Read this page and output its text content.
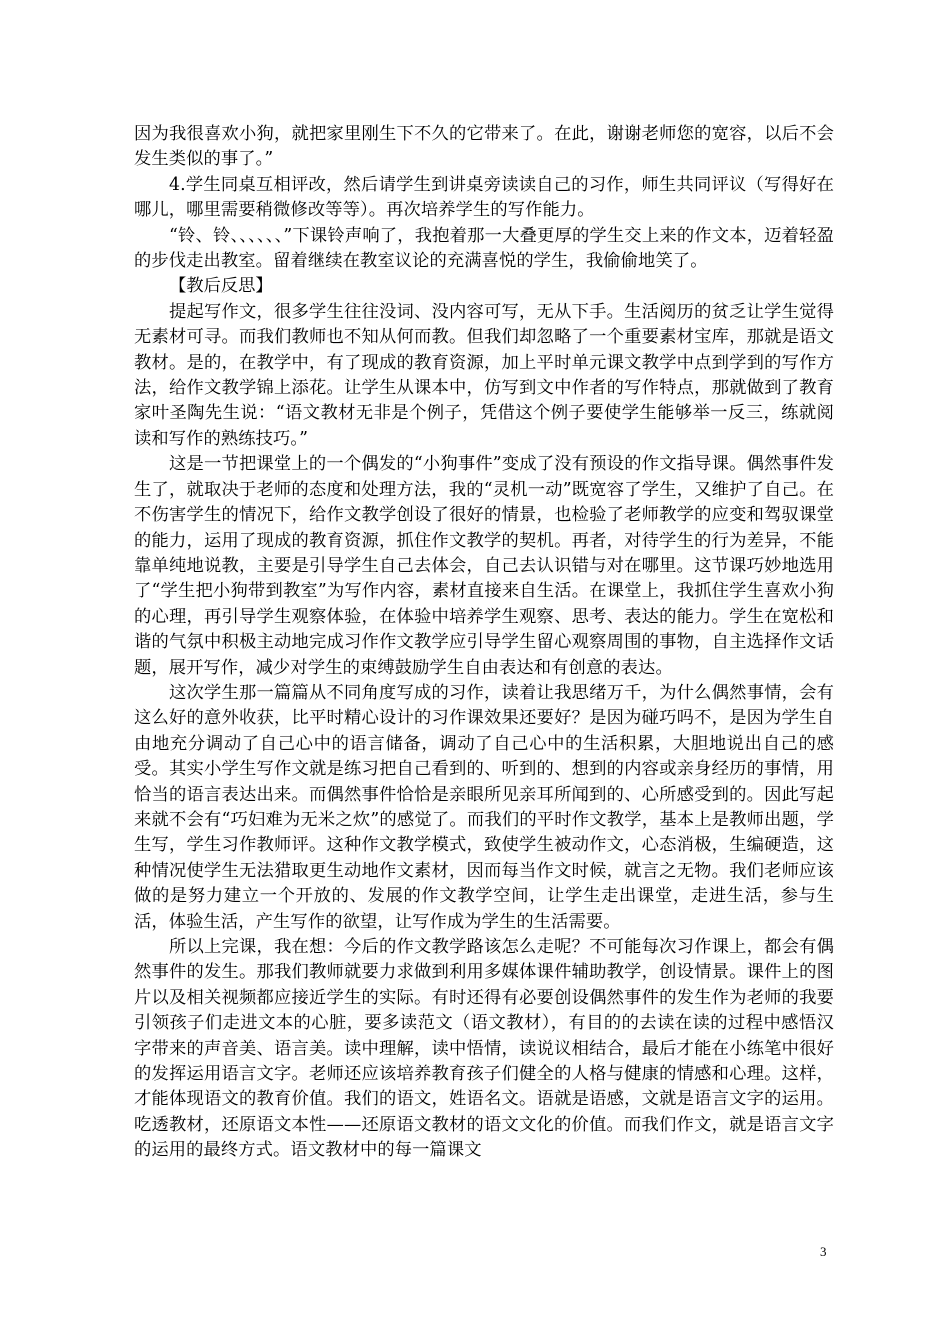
因为我很喜欢小狗，就把家里刚生下不久的它带来了。在此，谢谢老师您的宽容，以后不会发生类似的事了。”

4.学生同桌互相评改，然后请学生到讲桌旁读读自己的习作，师生共同评议（写得好在哪儿，哪里需要稍微修改等等）。再次培养学生的写作能力。

“铃、铃、、、、、、”下课铃声响了，我抱着那一大叠更厚的学生交上来的作文本，迈着轻盈的步伐走出教室。留着继续在教室议论的充满喜悦的学生，我偷偷地笑了。

【教后反思】

提起写作文，很多学生往往没词、没内容可写，无从下手。生活阅历的贫乏让学生觉得无素材可寻。而我们教师也不知从何而教。但我们却忽略了一个重要素材宝库，那就是语文教材。是的，在教学中，有了现成的教育资源，加上平时单元课文教学中点到学到的写作方法，给作文教学锦上添花。让学生从课本中，仿写到文中作者的写作特点，那就做到了教育家叶圣陶先生说：“语文教材无非是个例子，凭借这个例子要使学生能够举一反三，练就阅读和写作的熟练技巧。”

这是一节把课堂上的一个偶发的“小狗事件”变成了没有预设的作文指导课。偶然事件发生了，就取决于老师的态度和处理方法，我的“灵机一动”既宽容了学生，又维护了自己。在不伤害学生的情况下，给作文教学创设了很好的情景，也检验了老师教学的应变和驾驭课堂的能力，运用了现成的教育资源，抓住作文教学的契机。再者，对待学生的行为差异，不能靠单纯地说教，主要是引导学生自己去体会，自己去认识错与对在哪里。这节课巧妙地选用了“学生把小狗带到教室”为写作内容，素材直接来自生活。在课堂上，我抓住学生喜欢小狗的心理，再引导学生观察体验，在体验中培养学生观察、思考、表达的能力。学生在宽松和谐的气氛中积极主动地完成习作作文教学应引导学生留心观察周围的事物，自主选择作文话题，展开写作，减少对学生的束缚鼓励学生自由表达和有创意的表达。

这次学生那一篇篇从不同角度写成的习作，读着让我思绪万千，为什么偶然事情，会有这么好的意外收获，比平时精心设计的习作课效果还要好？是因为碰巧吗不，是因为学生自由地充分调动了自己心中的语言储备，调动了自己心中的生活积累，大胆地说出自己的感受。其实小学生写作文就是练习把自己看到的、听到的、想到的内容或亲身经历的事情，用恰当的语言表达出来。而偶然事件恰恰是亲眼所见亲耳所闻到的、心所感受到的。因此写起来就不会有“巧妇难为无米之炊”的感觉了。而我们的平时作文教学，基本上是教师出题，学生写，学生习作教师评。这种作文教学模式，致使学生被动作文，心态消极，生编硬造，这种情况使学生无法猎取更生动地作文素材，因而每当作文时候，就言之无物。我们老师应该做的是努力建立一个开放的、发展的作文教学空间，让学生走出课堂，走进生活，参与生活，体验生活，产生写作的欲望，让写作成为学生的生活需要。

所以上完课，我在想：今后的作文教学路该怎么走呢？不可能每次习作课上，都会有偶然事件的发生。那我们教师就要力求做到利用多媒体课件辅助教学，创设情景。课件上的图片以及相关视频都应接近学生的实际。有时还得有必要创设偶然事件的发生作为老师的我要引领孩子们走进文本的心脏，要多读范文（语文教材），有目的的去读在读的过程中感悟汉字带来的声音美、语言美。读中理解，读中悟情，读说议相结合，最后才能在小练笔中很好的发挥运用语言文字。老师还应该培养教育孩子们健全的人格与健康的情感和心理。这样，才能体现语文的教育价值。我们的语文，姓语名文。语就是语感，文就是语言文字的运用。吃透教材，还原语文本性——还原语文教材的语文文化的价值。而我们作文，就是语言文字的运用的最终方式。语文教材中的每一篇课文

3
